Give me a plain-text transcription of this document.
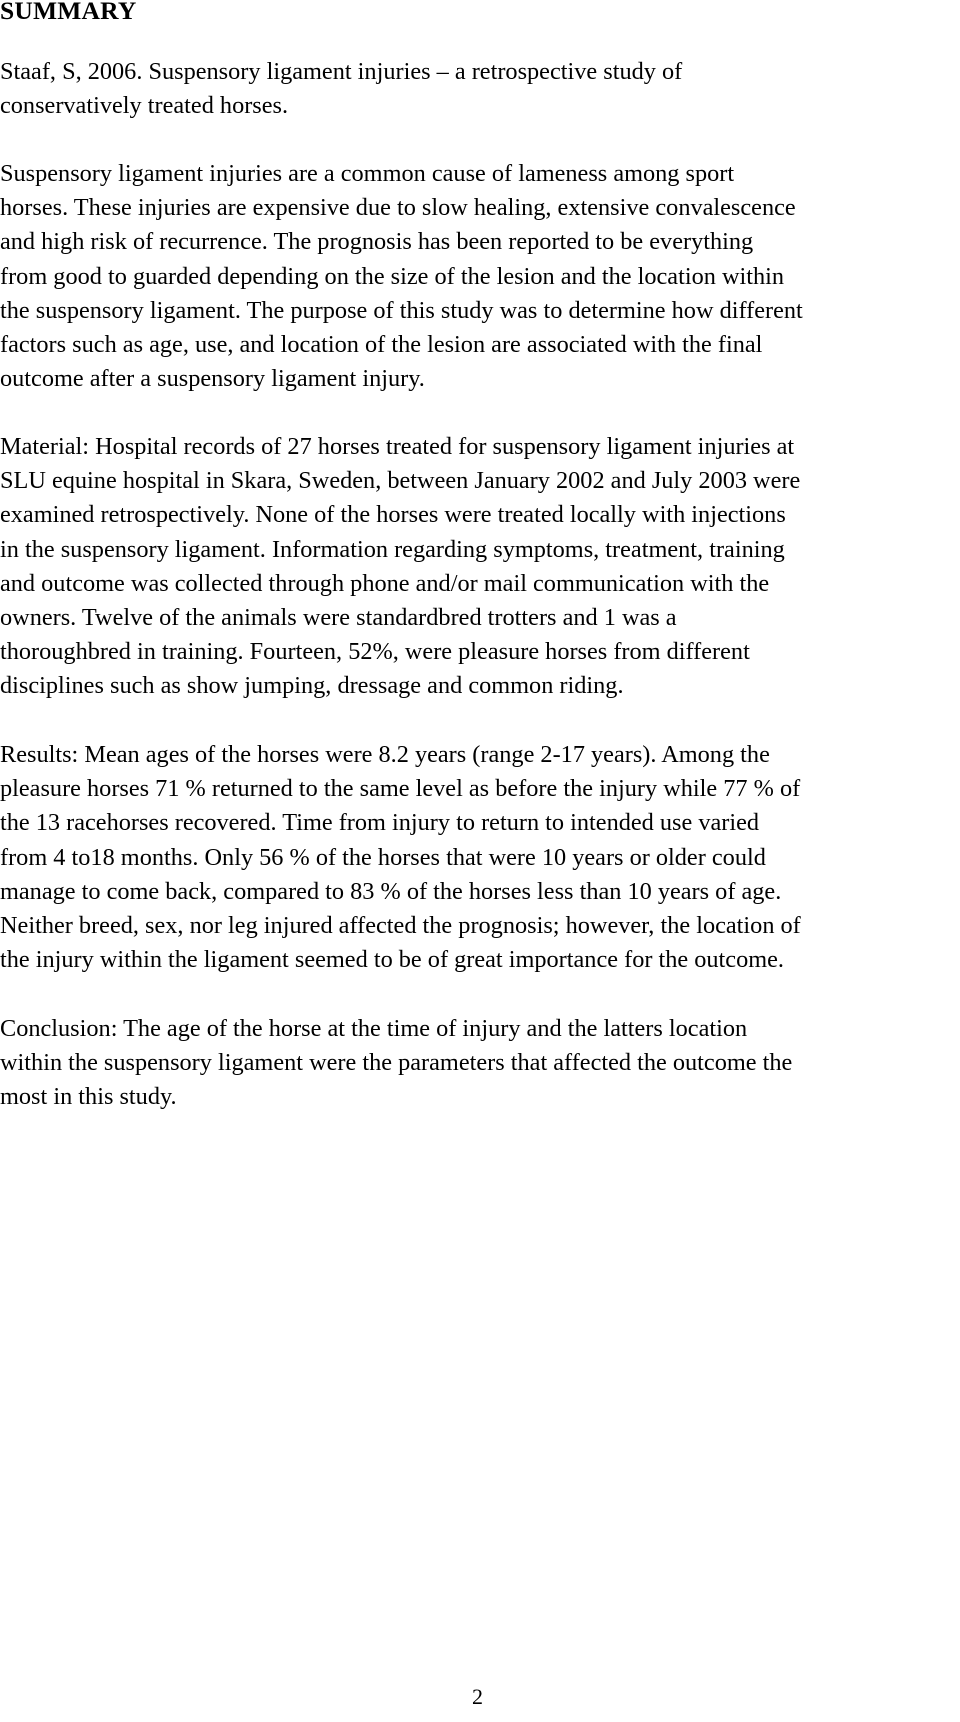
SUMMARY

Staaf, S, 2006. Suspensory ligament injuries – a retrospective study of
conservatively treated horses.

Suspensory ligament injuries are a common cause of lameness among sport
horses. These injuries are expensive due to slow healing, extensive convalescence
and high risk of recurrence. The prognosis has been reported to be everything
from good to guarded depending on the size of the lesion and the location within
the suspensory ligament. The purpose of this study was to determine how different
factors such as age, use, and location of the lesion are associated with the final
outcome after a suspensory ligament injury.

Material: Hospital records of 27 horses treated for suspensory ligament injuries at
SLU equine hospital in Skara, Sweden, between January 2002 and July 2003 were
examined retrospectively. None of the horses were treated locally with injections
in the suspensory ligament. Information regarding symptoms, treatment, training
and outcome was collected through phone and/or mail communication with the
owners. Twelve of the animals were standardbred trotters and 1 was a
thoroughbred in training. Fourteen, 52%, were pleasure horses from different
disciplines such as show jumping, dressage and common riding.

Results: Mean ages of the horses were 8.2 years (range 2-17 years). Among the
pleasure horses 71 % returned to the same level as before the injury while 77 % of
the 13 racehorses recovered. Time from injury to return to intended use varied
from 4 to18 months. Only 56 % of the horses that were 10 years or older could
manage to come back, compared to 83 % of the horses less than 10 years of age.
Neither breed, sex, nor leg injured affected the prognosis; however, the location of
the injury within the ligament seemed to be of great importance for the outcome.

Conclusion: The age of the horse at the time of injury and the latters location
within the suspensory ligament were the parameters that affected the outcome the
most in this study.

2
